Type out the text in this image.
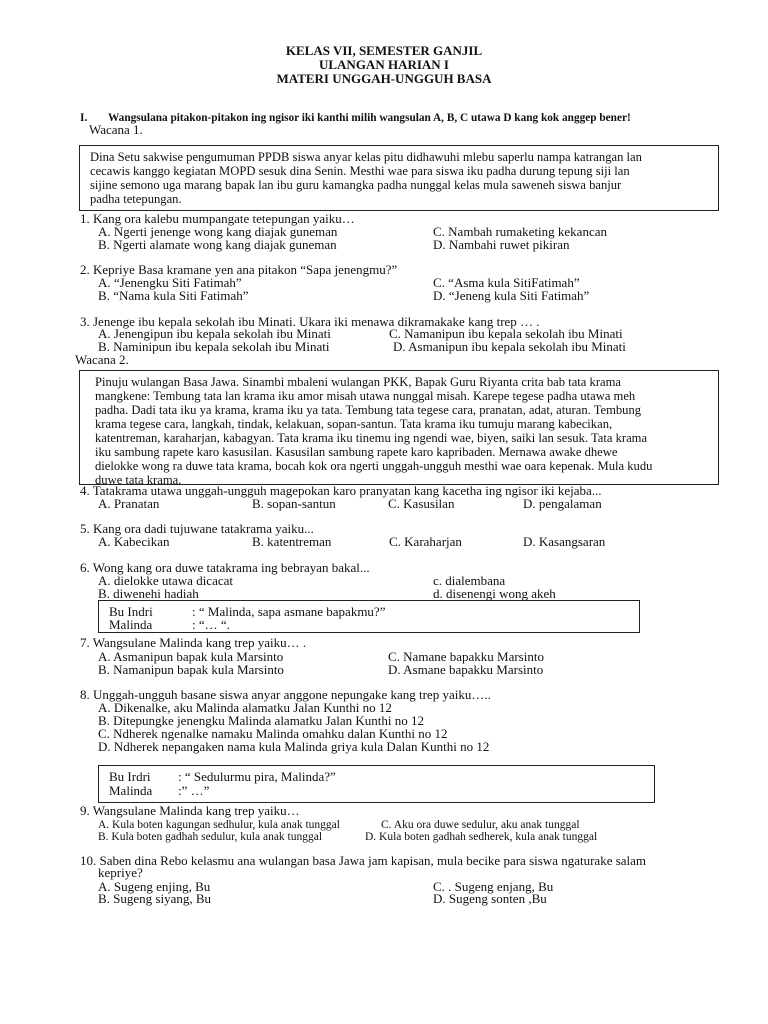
KELAS VII, SEMESTER GANJIL
ULANGAN HARIAN I
MATERI UNGGAH-UNGGUH BASA
I. Wangsulana pitakon-pitakon ing ngisor iki kanthi milih wangsulan A, B, C utawa D kang kok anggep bener!
Wacana 1.
Dina Setu sakwise pengumuman PPDB siswa anyar kelas pitu didhawuhi mlebu saperlu nampa katrangan lan
cecawis kanggo kegiatan MOPD sesuk dina Senin. Mesthi wae para siswa iku padha durung tepung siji lan
sijine semono uga marang bapak lan ibu guru kamangka padha nunggal kelas mula saweneh siswa banjur
padha tetepungan.
1. Kang ora kalebu mumpangate tetepungan yaiku…
A. Ngerti jenenge wong kang diajak guneman	C. Nambah rumaketing kekancan
B. Ngerti alamate wong kang diajak guneman	D. Nambahi ruwet pikiran
2. Kepriye Basa kramane yen ana pitakon “Sapa jenengmu?”
A. “Jenengku Siti Fatimah”	C. “Asma kula SitiFatimah”
B. “Nama kula Siti Fatimah”	D. “Jeneng kula Siti Fatimah”
3. Jenenge ibu kepala sekolah ibu Minati. Ukara iki menawa dikramakake kang trep … .
A. Jenengipun ibu kepala sekolah ibu Minati	C. Namanipun ibu kepala sekolah ibu Minati
B. Naminipun ibu kepala sekolah ibu Minati	D. Asmanipun ibu kepala sekolah ibu Minati
Wacana 2.
Pinuju wulangan Basa Jawa. Sinambi mbaleni wulangan PKK, Bapak Guru Riyanta crita bab tata krama
mangkene: Tembung tata lan krama iku amor misah utawa nunggal misah. Karepe tegese padha utawa meh
padha. Dadi tata iku ya krama, krama iku ya tata. Tembung tata tegese cara, pranatan, adat, aturan. Tembung
krama tegese cara, langkah, tindak, kelakuan, sopan-santun. Tata krama iku tumuju marang kabecikan,
katentreman, karaharjan, kabagyan. Tata krama iku tinemu ing ngendi wae, biyen, saiki lan sesuk. Tata krama
iku sambung rapete karo kasusilan. Kasusilan sambung rapete karo kapribaden. Mernawa awake dhewe
dielokke wong ra duwe tata krama, bocah kok ora ngerti unggah-ungguh mesthi wae oara kepenak. Mula kudu
duwe tata krama.
4. Tatakrama utawa unggah-ungguh magepokan karo pranyatan kang kacetha ing ngisor iki kejaba...
A. Pranatan	B. sopan-santun	C. Kasusilan	D. pengalaman
5. Kang ora dadi tujuwane tatakrama yaiku...
A. Kabecikan	B. katentreman	C. Karaharjan	D. Kasangsaran
6. Wong kang ora duwe tatakrama ing bebrayan bakal...
A. dielokke utawa dicacat	c. dialembana
B. diwenehi hadiah	d. disenengi wong akeh
Bu Indri	: “ Malinda, sapa asmane bapakmu?”
Malinda	: “… “.
7. Wangsulane Malinda kang trep yaiku… .
A. Asmanipun bapak kula Marsinto	C. Namane bapakku Marsinto
B. Namanipun bapak kula Marsinto	D. Asmane bapakku Marsinto
8. Unggah-ungguh basane siswa anyar anggone nepungake kang trep yaiku…..
A. Dikenalke, aku Malinda alamatku Jalan Kunthi no 12
B. Ditepungke jenengku Malinda alamatku Jalan Kunthi no 12
C. Ndherek ngenalke namaku Malinda omahku dalan Kunthi no 12
D. Ndherek nepangaken nama kula Malinda griya kula Dalan Kunthi no 12
Bu Irdri : “ Sedulurmu pira, Malinda?”
Malinda :” …”
9. Wangsulane Malinda kang trep yaiku…
A. Kula boten kagungan sedhulur, kula anak tunggal	C. Aku ora duwe sedulur, aku anak tunggal
B. Kula boten gadhah sedulur, kula anak tunggal	D. Kula boten gadhah sedherek, kula anak tunggal
10. Saben dina Rebo kelasmu ana wulangan basa Jawa jam kapisan, mula becike para siswa ngaturake salam
kepriye?
A. Sugeng enjing, Bu	C. . Sugeng enjang, Bu
B. Sugeng siyang, Bu	D. Sugeng sonten ,Bu
